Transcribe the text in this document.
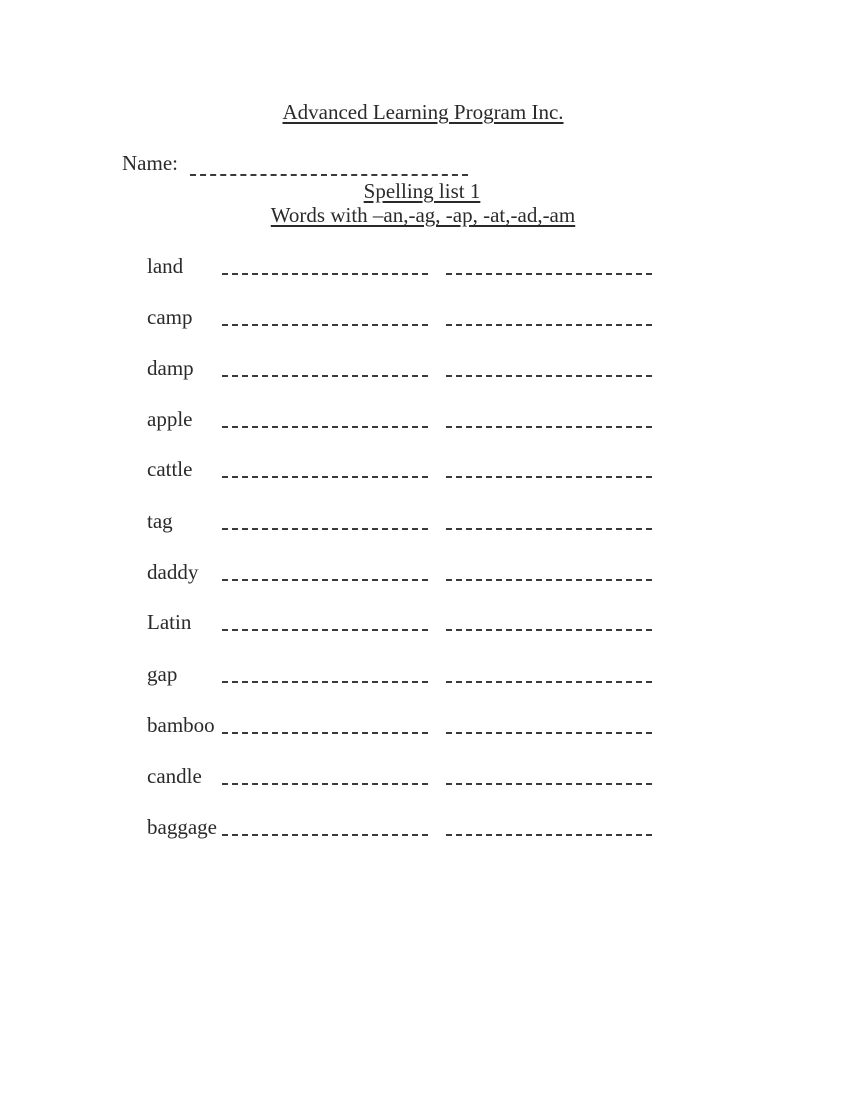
Advanced Learning Program Inc.
Name:
Spelling list 1
Words with –an,-ag, -ap, -at,-ad,-am
land
camp
damp
apple
cattle
tag
daddy
Latin
gap
bamboo
candle
baggage
